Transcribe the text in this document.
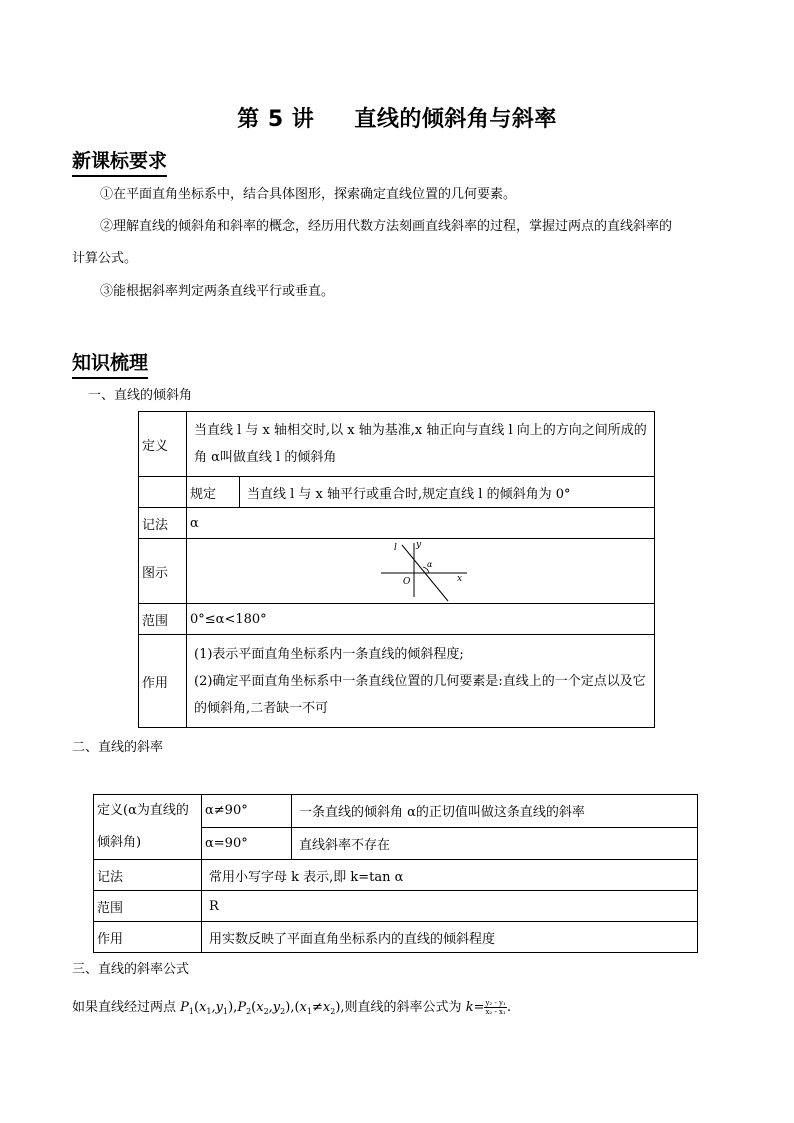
第 5 讲 直线的倾斜角与斜率
新课标要求
①在平面直角坐标系中，结合具体图形，探索确定直线位置的几何要素。
②理解直线的倾斜角和斜率的概念，经历用代数方法刻画直线斜率的过程，掌握过两点的直线斜率的
计算公式。
③能根据斜率判定两条直线平行或垂直。
知识梳理
一、直线的倾斜角
定义	当直线 l 与 x 轴相交时,以 x 轴为基准,x 轴正向与直线 l 向上的方向之间所成的角 α叫做直线 l 的倾斜角	
	规定	当直线 l 与 x 轴平行或重合时,规定直线 l 的倾斜角为 0°
记法	α	
图示	l y
x
O
α	

范围	0°≤α<180°	
作用	(1)表示平面直角坐标系内一条直线的倾斜程度;
(2)确定平面直角坐标系中一条直线位置的几何要素是:直线上的一个定点以及它的倾斜角,二者缺一不可	
二、直线的斜率
定义(α为直线的
倾斜角)	α≠90°	一条直线的倾斜角 α的正切值叫做这条直线的斜率
	α=90°	直线斜率不存在
记法	常用小写字母 k 表示,即 k=tan α	
范围	R	
作用	用实数反映了平面直角坐标系内的直线的倾斜程度	
三、直线的斜率公式
如果直线经过两点 $P_1(x_1,y_1),P_2(x_2,y_2),(x_1\ne x_2)$,则直线的斜率公式为 $k= \frac{\text{y₂ - y₁}}{\text{x₂ - x₁}}$ .
